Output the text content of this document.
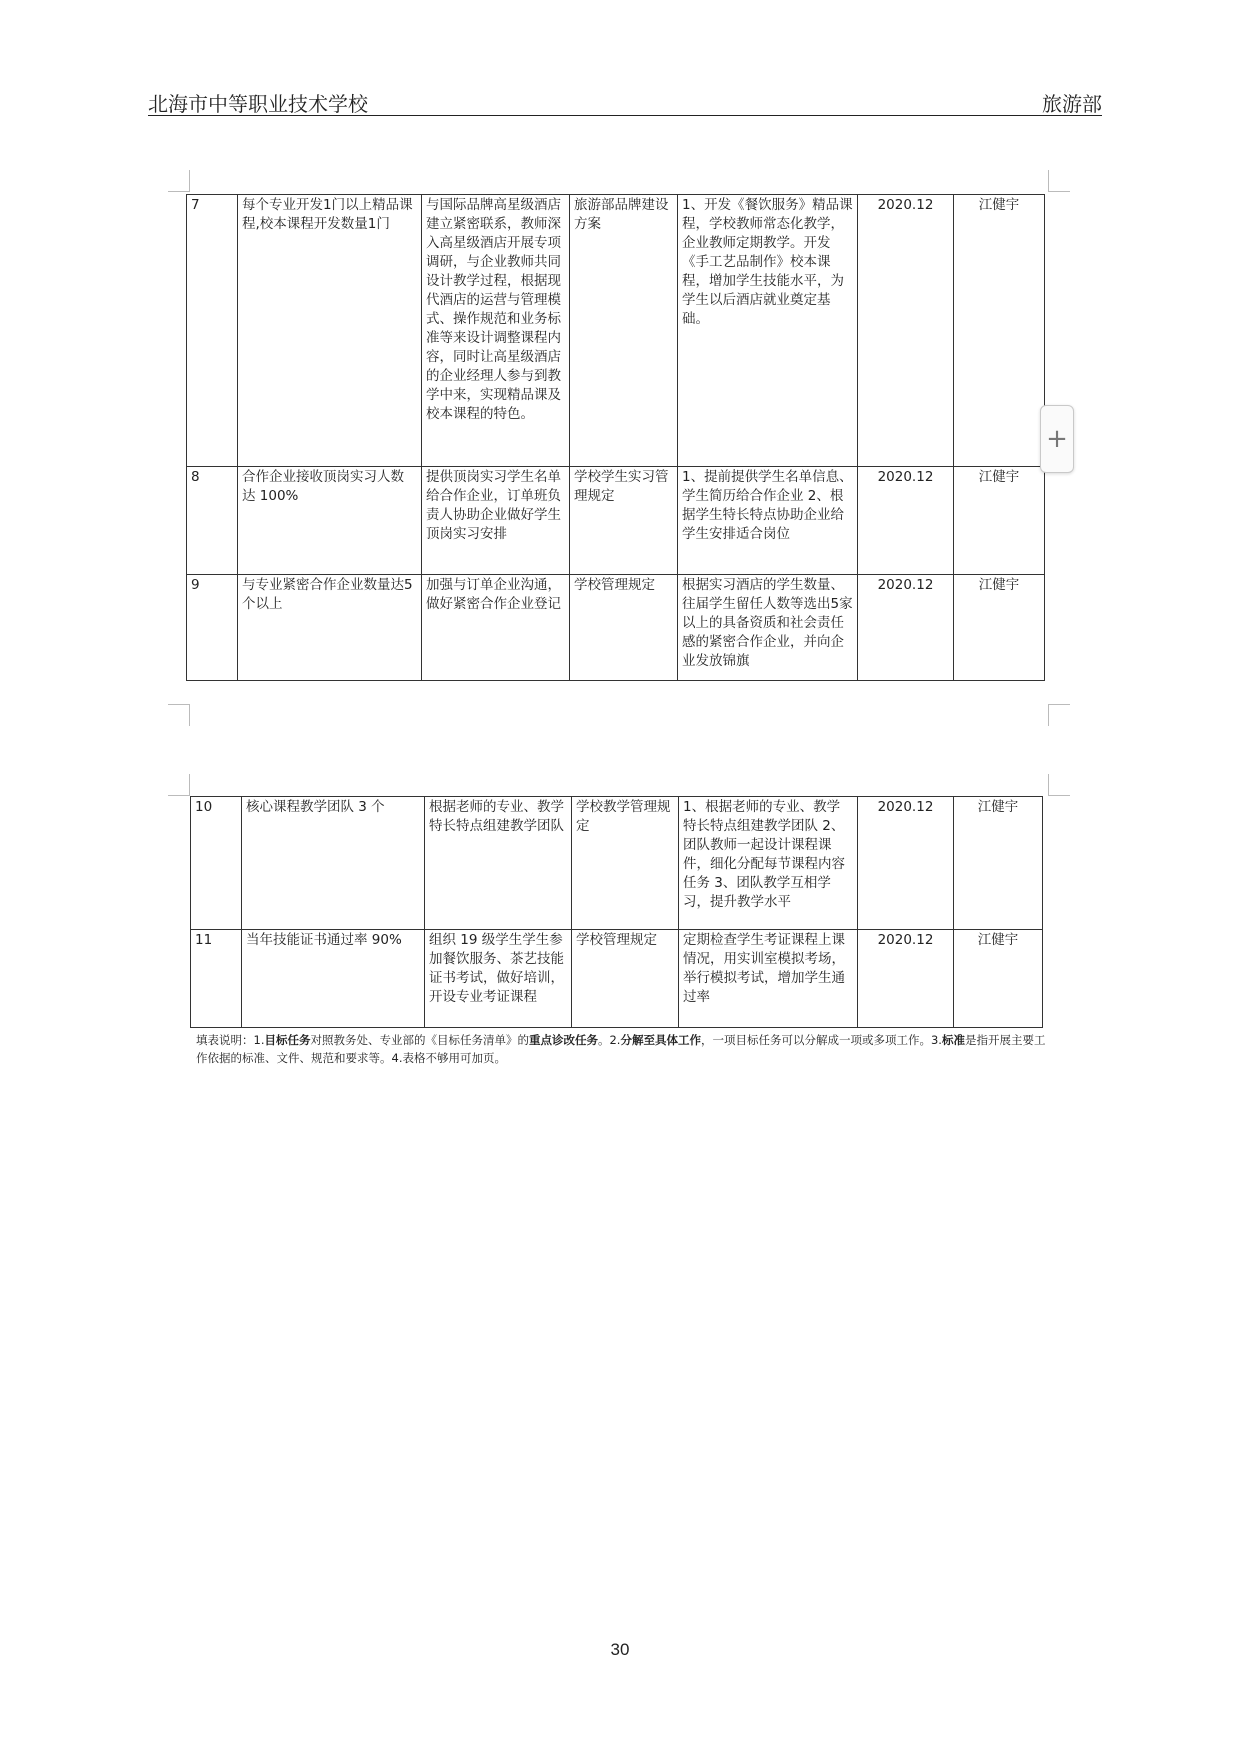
北海市中等职业技术学校	旅游部
7	每个专业开发1门以上精品课程,校本课程开发数量1门	与国际品牌高星级酒店建立紧密联系，教师深入高星级酒店开展专项调研，与企业教师共同设计教学过程，根据现代酒店的运营与管理模式、操作规范和业务标准等来设计调整课程内容，同时让高星级酒店的企业经理人参与到教学中来，实现精品课及校本课程的特色。	旅游部品牌建设方案	1、开发《餐饮服务》精品课程，学校教师常态化教学，企业教师定期教学。开发《手工艺品制作》校本课程，增加学生技能水平，为学生以后酒店就业奠定基础。	2020.12	江健宇
8	合作企业接收顶岗实习人数达 100%	提供顶岗实习学生名单给合作企业，订单班负责人协助企业做好学生顶岗实习安排	学校学生实习管理规定	1、提前提供学生名单信息、学生简历给合作企业 2、根据学生特长特点协助企业给学生安排适合岗位	2020.12	江健宇
9	与专业紧密合作企业数量达5个以上	加强与订单企业沟通，做好紧密合作企业登记	学校管理规定	根据实习酒店的学生数量、往届学生留任人数等选出5家以上的具备资质和社会责任感的紧密合作企业，并向企业发放锦旗	2020.12	江健宇
+
10	核心课程教学团队 3 个	根据老师的专业、教学特长特点组建教学团队	学校教学管理规定	1、根据老师的专业、教学特长特点组建教学团队 2、团队教师一起设计课程课件，细化分配每节课程内容任务 3、团队教学互相学习，提升教学水平	2020.12	江健宇
11	当年技能证书通过率 90%	组织 19 级学生学生参加餐饮服务、茶艺技能证书考试，做好培训，开设专业考证课程	学校管理规定	定期检查学生考证课程上课情况，用实训室模拟考场，举行模拟考试，增加学生通过率	2020.12	江健宇
填表说明：1.目标任务对照教务处、专业部的《目标任务清单》的重点诊改任务。2.分解至具体工作，一项目标任务可以分解成一项或多项工作。3.标准是指开展主要工作依据的标准、文件、规范和要求等。4.表格不够用可加页。
30
